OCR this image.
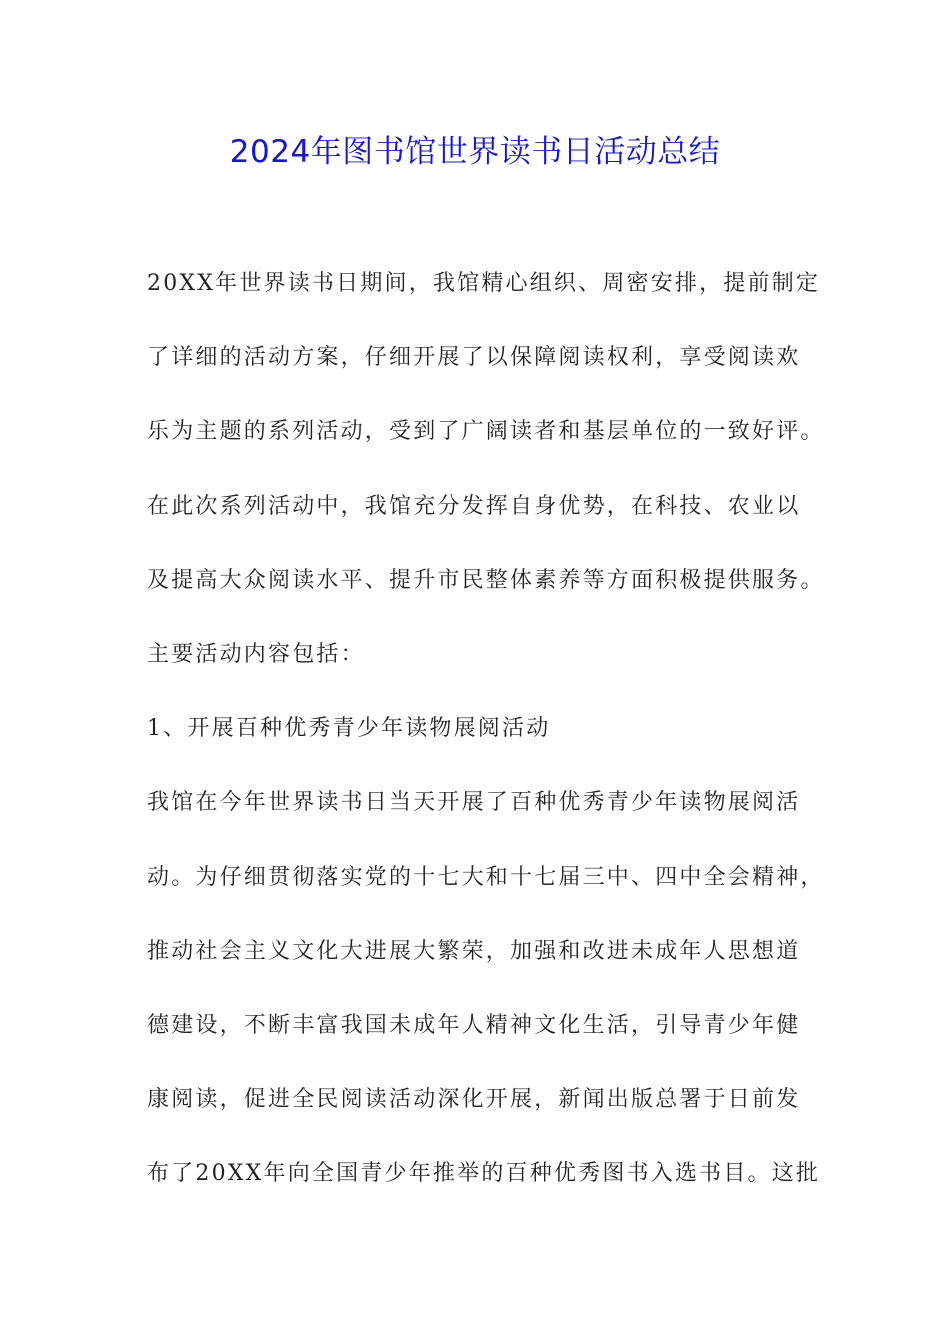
2024年图书馆世界读书日活动总结
20XX年世界读书日期间，我馆精心组织、周密安排，提前制定
了详细的活动方案，仔细开展了以保障阅读权利，享受阅读欢
乐为主题的系列活动，受到了广阔读者和基层单位的一致好评。
在此次系列活动中，我馆充分发挥自身优势，在科技、农业以
及提高大众阅读水平、提升市民整体素养等方面积极提供服务。
主要活动内容包括：
1、开展百种优秀青少年读物展阅活动
我馆在今年世界读书日当天开展了百种优秀青少年读物展阅活
动。为仔细贯彻落实党的十七大和十七届三中、四中全会精神，
推动社会主义文化大进展大繁荣，加强和改进未成年人思想道
德建设，不断丰富我国未成年人精神文化生活，引导青少年健
康阅读，促进全民阅读活动深化开展，新闻出版总署于日前发
布了20XX年向全国青少年推举的百种优秀图书入选书目。这批
